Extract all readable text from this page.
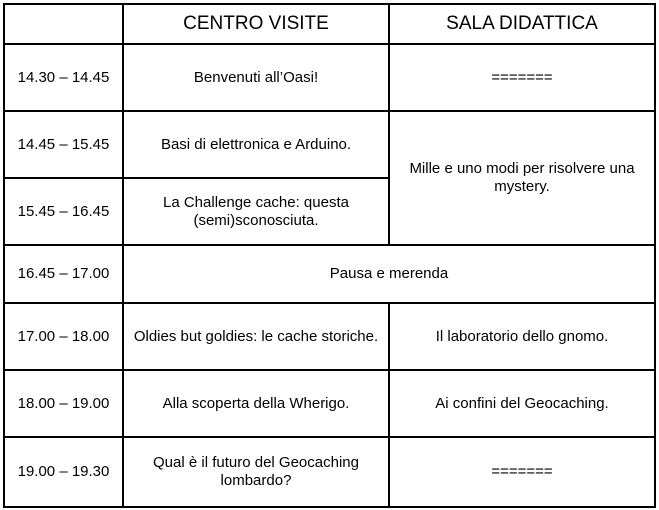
	CENTRO VISITE	SALA DIDATTICA
14.30 – 14.45	Benvenuti all’Oasi!	=======
14.45 – 15.45	Basi di elettronica e Arduino.	Mille e uno modi per risolvere una mystery.
15.45 – 16.45	La Challenge cache: questa (semi)sconosciuta.	
16.45 – 17.00	Pausa e merenda	
17.00 – 18.00	Oldies but goldies: le cache storiche.	Il laboratorio dello gnomo.
18.00 – 19.00	Alla scoperta della Wherigo.	Ai confini del Geocaching.
19.00 – 19.30	Qual è il futuro del Geocaching lombardo?	=======
